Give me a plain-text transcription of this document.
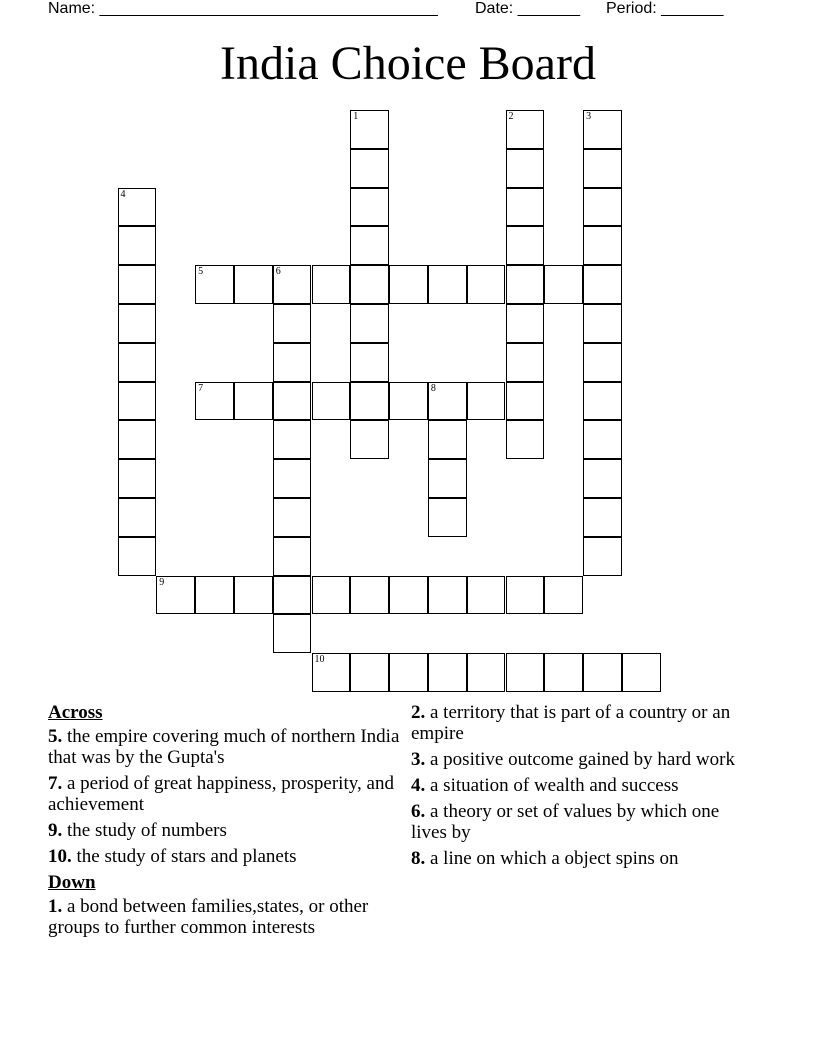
Name: ______________________________________ Date: _______ Period: _______
India Choice Board
1	2	3
4
5	6
7	8
9
10
Across
5. the empire covering much of northern India that was by the Gupta's
7. a period of great happiness, prosperity, and achievement
9. the study of numbers
10. the study of stars and planets
Down
1. a bond between families,states, or other groups to further common interests
2. a territory that is part of a country or an empire
3. a positive outcome gained by hard work
4. a situation of wealth and success
6. a theory or set of values by which one lives by
8. a line on which a object spins on
